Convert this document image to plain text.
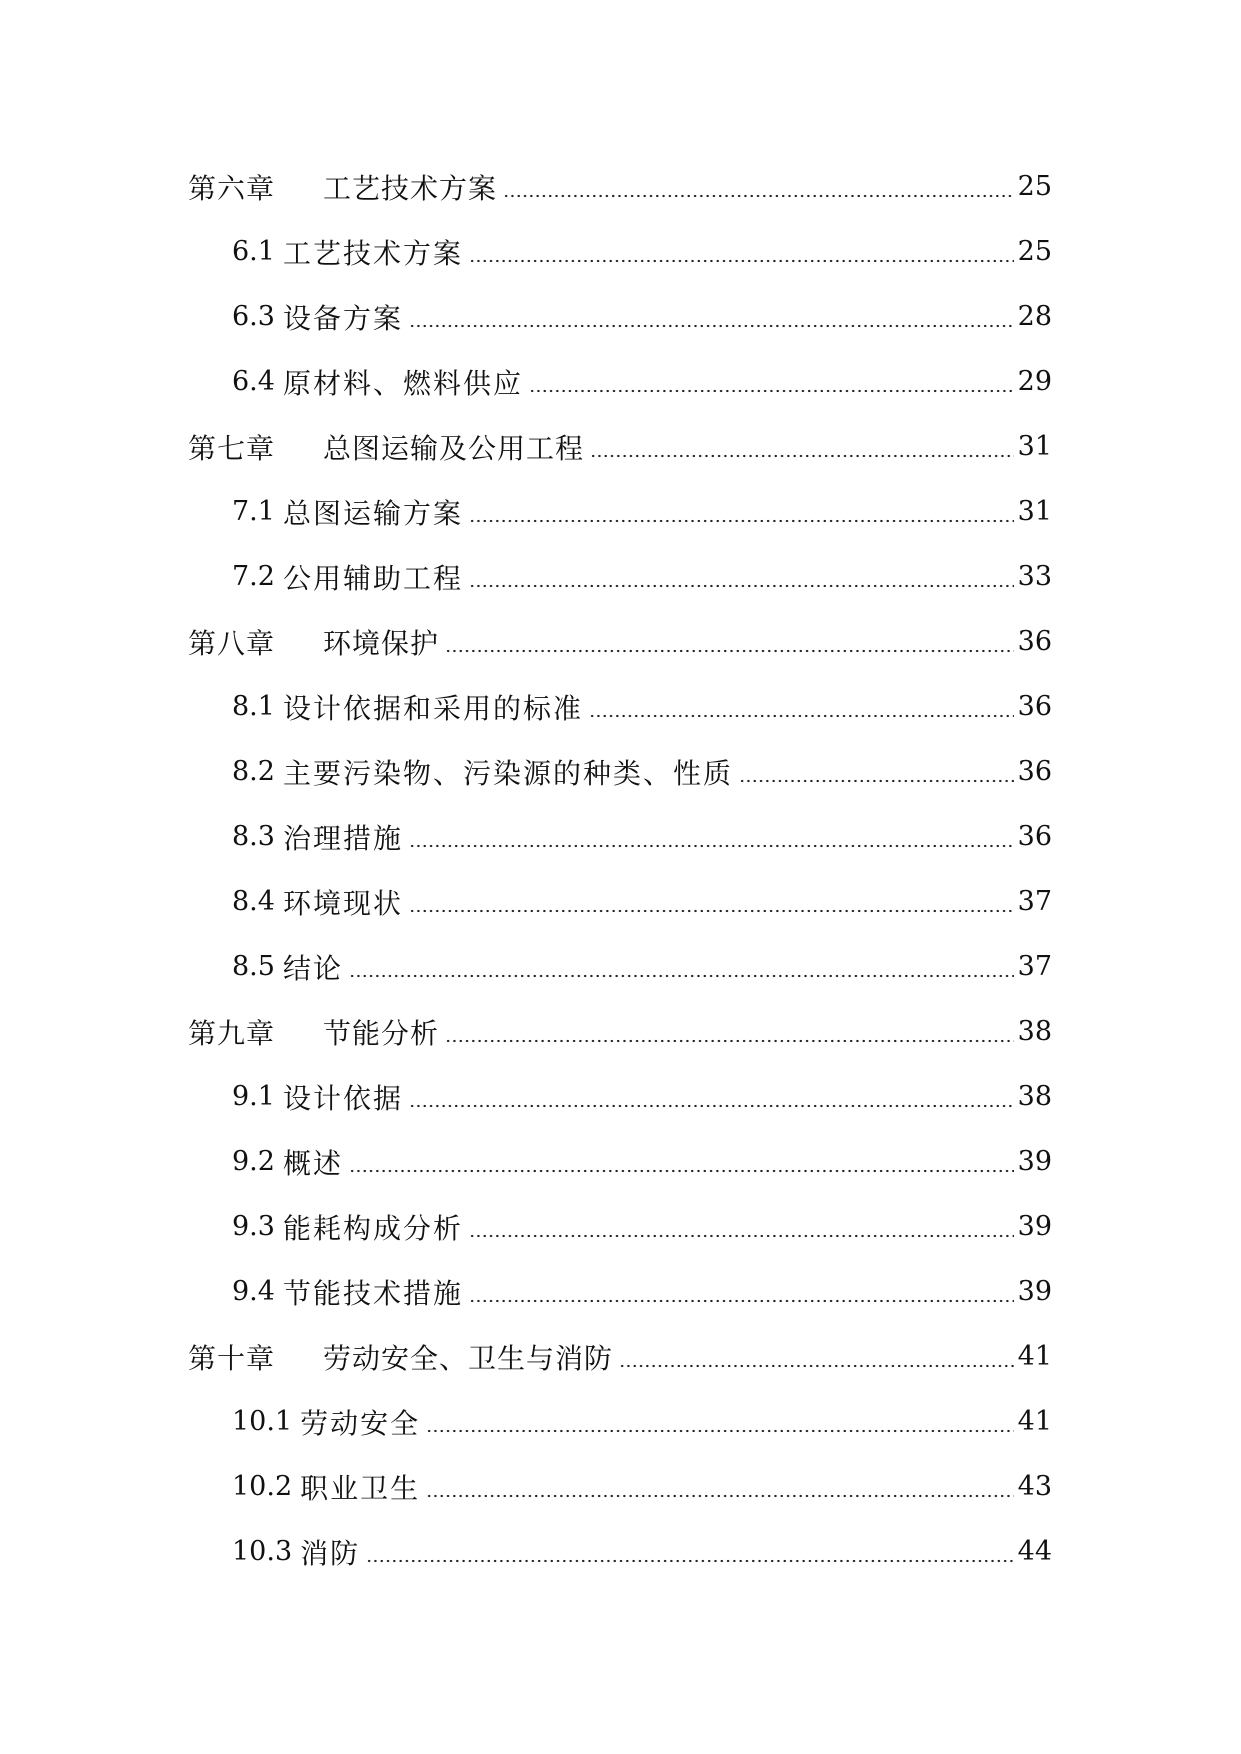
第六章 工艺技术方案	25
6.1 工艺技术方案	25
6.3 设备方案	28
6.4 原材料、燃料供应	29
第七章 总图运输及公用工程	31
7.1 总图运输方案	31
7.2 公用辅助工程	33
第八章 环境保护	36
8.1 设计依据和采用的标准	36
8.2 主要污染物、污染源的种类、性质	36
8.3 治理措施	36
8.4 环境现状	37
8.5 结论	37
第九章 节能分析	38
9.1 设计依据	38
9.2 概述	39
9.3 能耗构成分析	39
9.4 节能技术措施	39
第十章 劳动安全、卫生与消防	41
10.1 劳动安全	41
10.2 职业卫生	43
10.3 消防	44
